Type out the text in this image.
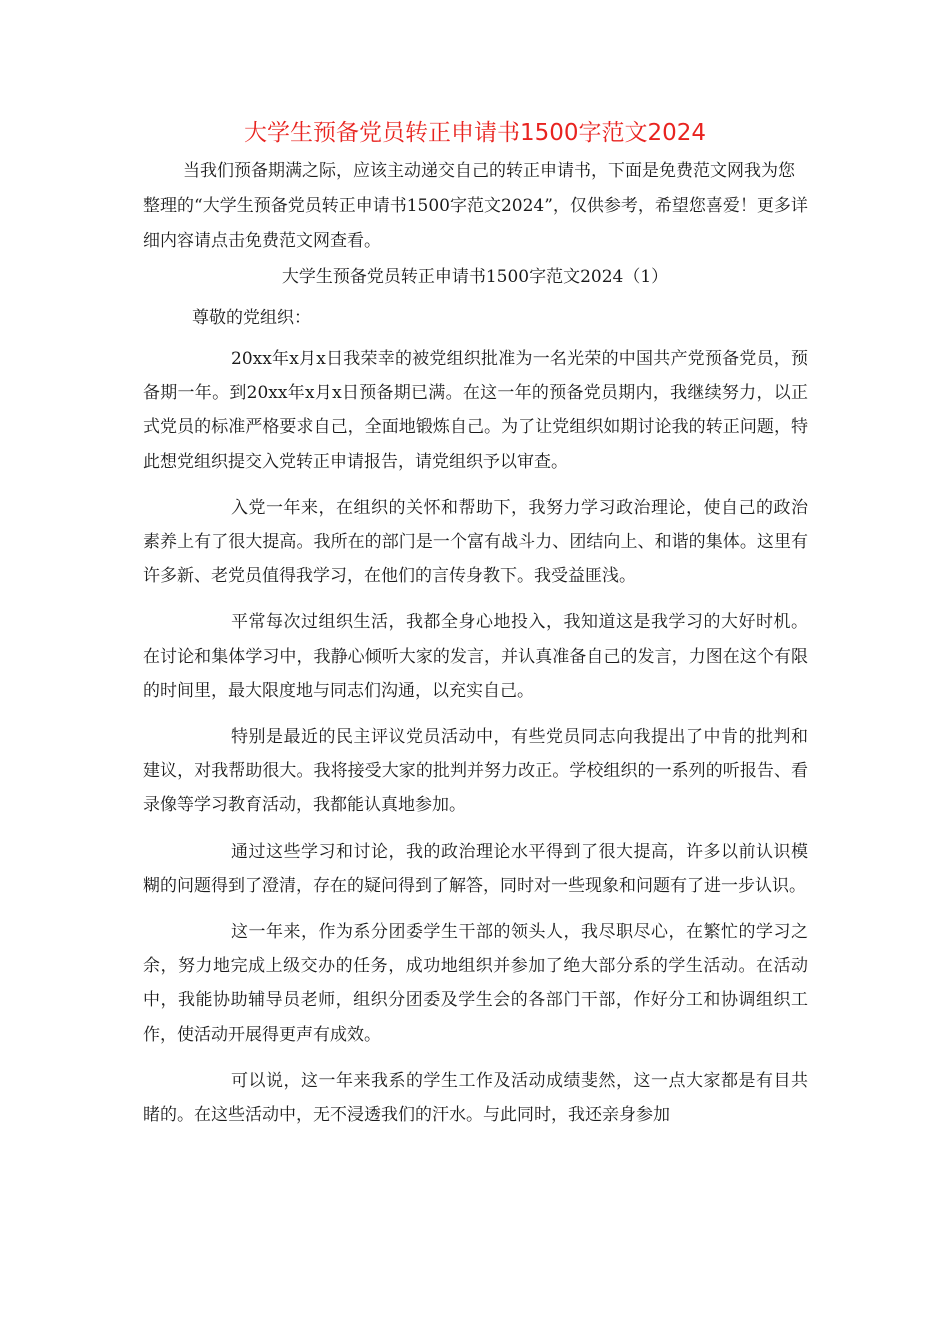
大学生预备党员转正申请书1500字范文2024

当我们预备期满之际，应该主动递交自己的转正申请书，下面是免费范文网我为您整理的“大学生预备党员转正申请书1500字范文2024”，仅供参考，希望您喜爱！更多详细内容请点击免费范文网查看。

大学生预备党员转正申请书1500字范文2024（1）

尊敬的党组织：

20xx年x月x日我荣幸的被党组织批准为一名光荣的中国共产党预备党员，预备期一年。到20xx年x月x日预备期已满。在这一年的预备党员期内，我继续努力，以正式党员的标准严格要求自己，全面地锻炼自己。为了让党组织如期讨论我的转正问题，特此想党组织提交入党转正申请报告，请党组织予以审查。

入党一年来，在组织的关怀和帮助下，我努力学习政治理论，使自己的政治素养上有了很大提高。我所在的部门是一个富有战斗力、团结向上、和谐的集体。这里有许多新、老党员值得我学习，在他们的言传身教下。我受益匪浅。

平常每次过组织生活，我都全身心地投入，我知道这是我学习的大好时机。在讨论和集体学习中，我静心倾听大家的发言，并认真准备自己的发言，力图在这个有限的时间里，最大限度地与同志们沟通，以充实自己。

特别是最近的民主评议党员活动中，有些党员同志向我提出了中肯的批判和建议，对我帮助很大。我将接受大家的批判并努力改正。学校组织的一系列的听报告、看录像等学习教育活动，我都能认真地参加。

通过这些学习和讨论，我的政治理论水平得到了很大提高，许多以前认识模糊的问题得到了澄清，存在的疑问得到了解答，同时对一些现象和问题有了进一步认识。

这一年来，作为系分团委学生干部的领头人，我尽职尽心，在繁忙的学习之余，努力地完成上级交办的任务，成功地组织并参加了绝大部分系的学生活动。在活动中，我能协助辅导员老师，组织分团委及学生会的各部门干部，作好分工和协调组织工作，使活动开展得更声有成效。

可以说，这一年来我系的学生工作及活动成绩斐然，这一点大家都是有目共睹的。在这些活动中，无不浸透我们的汗水。与此同时，我还亲身参加
